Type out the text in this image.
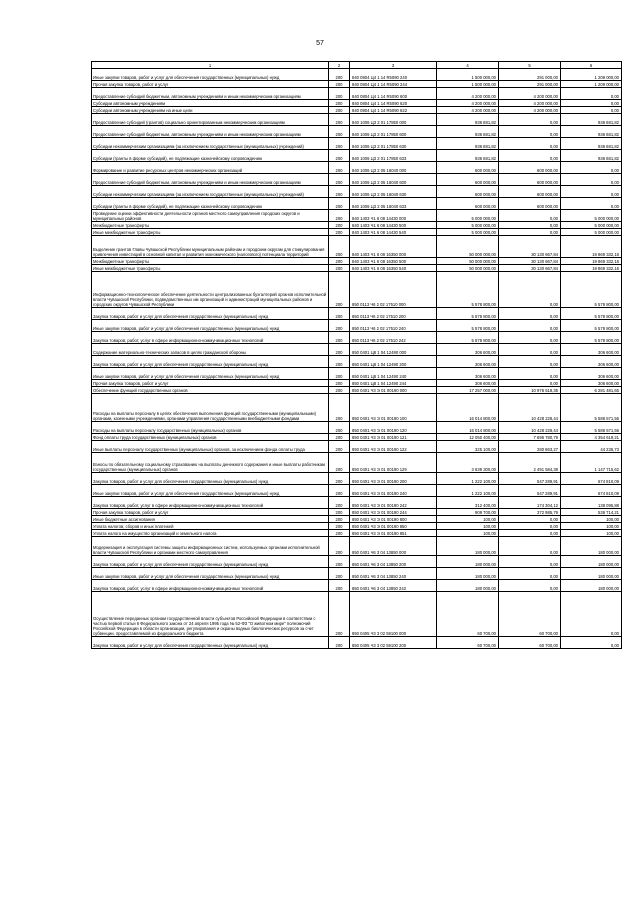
57
1	2	3	4	5	6
Иные закупки товаров, работ и услуг для обеспечения государственных (муниципальных) нужд	200	840 0804 Ц4 1 14 R5090 240	1 500 000,00	291 000,00	1 209 000,00
Прочая закупка товаров, работ и услуг	200	840 0804 Ц4 1 14 R5090 244	1 500 000,00	291 000,00	1 209 000,00
Предоставление субсидий бюджетным, автономным учреждениям и иным некоммерческим организациям	200	840 0804 Ц4 1 14 R5090 600	4 200 000,00	4 200 000,00	0,00
Субсидии автономным учреждениям	200	840 0804 Ц4 1 14 R5090 620	4 200 000,00	4 200 000,00	0,00
Субсидии автономным учреждениям на иные цели	200	840 0804 Ц4 1 14 R5090 622	4 200 000,00	4 200 000,00	0,00
Предоставление субсидий (грантов) социально ориентированным некоммерческим организациям	200	840 1006 Ц3 2 01 17850 000	936 681,82	0,00	936 681,82
Предоставление субсидий бюджетным, автономным учреждениям и иным некоммерческим организациям	200	840 1006 Ц3 2 01 17850 600	936 681,82	0,00	936 681,82
Субсидии некоммерческим организациям (за исключением государственных (муниципальных) учреждений)	200	840 1006 Ц3 2 01 17850 630	936 681,82	0,00	936 681,82
Субсидии (гранты в форме субсидий), не подлежащие казначейскому сопровождению	200	840 1006 Ц3 2 01 17850 633	936 681,82	0,00	936 681,82
Формирование и развитие ресурсных центров некоммерческих организаций	200	840 1006 Ц3 2 05 16040 000	600 000,00	600 000,00	0,00
Предоставление субсидий бюджетным, автономным учреждениям и иным некоммерческим организациям	200	840 1006 Ц3 2 05 16040 600	600 000,00	600 000,00	0,00
Субсидии некоммерческим организациям (за исключением государственных (муниципальных) учреждений)	200	840 1006 Ц3 2 05 16040 630	600 000,00	600 000,00	0,00
Субсидии (гранты в форме субсидий), не подлежащие казначейскому сопровождению	200	840 1006 Ц3 2 05 16040 633	600 000,00	600 000,00	0,00
Проведение оценки эффективности деятельности органов местного самоуправления городских округов и муниципальных районов	200	840 1403 Ч1 6 08 14430 000	5 000 000,00	0,00	5 000 000,00
Межбюджетные трансферты	200	840 1403 Ч1 6 08 14430 500	5 000 000,00	0,00	5 000 000,00
Иные межбюджетные трансферты	200	840 1403 Ч1 6 08 14430 540	5 000 000,00	0,00	5 000 000,00
Выделение грантов Главы Чувашской Республики муниципальным районам и городским округам для стимулирования привлечения инвестиций в основной капитал и развития экономического (налогового) потенциала территорий	200	840 1403 Ч1 6 08 16350 000	50 000 000,00	30 130 667,84	19 869 332,16
Межбюджетные трансферты	200	840 1403 Ч1 6 08 16350 500	50 000 000,00	30 130 667,84	19 869 332,16
Иные межбюджетные трансферты	200	840 1403 Ч1 6 08 16350 540	50 000 000,00	30 130 667,84	19 869 332,16
Информационно-технологическое обеспечение деятельности централизованных бухгалтерий органов исполнительной власти Чувашской Республики, подведомственных им организаций и администраций муниципальных районов и городских округов Чувашской Республики	200	850 0113 Ч6 2 02 17510 000	5 578 800,00	0,00	5 578 800,00
Закупка товаров, работ и услуг для обеспечения государственных (муниципальных) нужд	200	850 0113 Ч6 2 02 17510 200	5 578 800,00	0,00	5 578 800,00
Иные закупки товаров, работ и услуг для обеспечения государственных (муниципальных) нужд	200	850 0113 Ч6 2 02 17510 240	5 578 800,00	0,00	5 578 800,00
Закупка товаров, работ, услуг в сфере информационно-коммуникационных технологий	200	850 0113 Ч6 2 02 17510 242	5 578 800,00	0,00	5 578 800,00
Содержание материально-технических запасов в целях гражданской обороны	200	850 0401 Ц8 1 04 12490 000	306 600,00	0,00	306 600,00
Закупка товаров, работ и услуг для обеспечения государственных (муниципальных) нужд	200	850 0401 Ц8 1 04 12490 200	306 600,00	0,00	306 600,00
Иные закупки товаров, работ и услуг для обеспечения государственных (муниципальных) нужд	200	850 0401 Ц8 1 04 12490 240	306 600,00	0,00	306 600,00
Прочая закупка товаров, работ и услуг	200	850 0401 Ц8 1 04 12490 244	306 600,00	0,00	306 600,00
Обеспечение функций государственных органов	200	850 0401 Ч3 Э 01 00190 000	17 257 000,00	10 976 518,35	6 281 481,65
Расходы на выплаты персоналу в целях обеспечения выполнения функций государственными (муниципальными) органами, казенными учреждениями, органами управления государственными внебюджетными фондами	200	850 0401 Ч3 Э 01 00190 100	16 014 800,00	10 428 228,44	5 586 571,56
Расходы на выплаты персоналу государственных (муниципальных) органов	200	850 0401 Ч3 Э 01 00190 120	16 014 800,00	10 428 228,44	5 586 571,56
Фонд оплаты труда государственных (муниципальных) органов	200	850 0401 Ч3 Э 01 00190 121	12 050 400,00	7 695 780,79	4 354 619,21
Иные выплаты персоналу государственных (муниципальных) органов, за исключением фонда оплаты труда	200	850 0401 Ч3 Э 01 00190 122	325 100,00	280 863,27	44 236,73
Взносы по обязательному социальному страхованию на выплаты денежного содержания и иные выплаты работникам государственных (муниципальных) органов	200	850 0401 Ч3 Э 01 00190 129	3 639 300,00	2 491 584,38	1 147 715,62
Закупка товаров, работ и услуг для обеспечения государственных (муниципальных) нужд	200	850 0401 Ч3 Э 01 00190 200	1 222 100,00	547 289,91	674 810,09
Иные закупки товаров, работ и услуг для обеспечения государственных (муниципальных) нужд	200	850 0401 Ч3 Э 01 00190 240	1 222 100,00	547 289,91	674 810,09
Закупка товаров, работ, услуг в сфере информационно-коммуникационных технологий	200	850 0401 Ч3 Э 01 00190 242	312 400,00	174 304,12	138 095,88
Прочая закупка товаров, работ и услуг	200	850 0401 Ч3 Э 01 00190 244	909 700,00	372 985,79	536 714,21
Иные бюджетные ассигнования	200	850 0401 Ч3 Э 01 00190 800	100,00	0,00	100,00
Уплата налогов, сборов и иных платежей	200	850 0401 Ч3 Э 01 00190 850	100,00	0,00	100,00
Уплата налога на имущество организаций и земельного налога	200	850 0401 Ч3 Э 01 00190 851	100,00	0,00	100,00
Модернизация и эксплуатация системы защиты информационных систем, используемых органами исполнительной власти Чувашской Республики и органами местного самоуправления	200	850 0401 Ч6 3 04 13850 000	180 000,00	0,00	180 000,00
Закупка товаров, работ и услуг для обеспечения государственных (муниципальных) нужд	200	850 0401 Ч6 3 04 13850 200	180 000,00	0,00	180 000,00
Иные закупки товаров, работ и услуг для обеспечения государственных (муниципальных) нужд	200	850 0401 Ч6 3 04 13850 240	180 000,00	0,00	180 000,00
Закупка товаров, работ, услуг в сфере информационно-коммуникационных технологий	200	850 0401 Ч6 3 04 13850 242	180 000,00	0,00	180 000,00
Осуществление переданных органам государственной власти субъектов Российской Федерации в соответствии с частью первой статьи 6 Федерального закона от 24 апреля 1995 года № 52-ФЗ "О животном мире" полномочий Российской Федерации в области организации, регулирования и охраны водных биологических ресурсов за счет субвенции, предоставляемой из федерального бюджета	200	850 0405 Ч3 3 02 59100 000	60 700,00	60 700,00	0,00
Закупка товаров, работ и услуг для обеспечения государственных (муниципальных) нужд	200	850 0405 Ч3 3 02 59100 200	60 700,00	60 700,00	0,00
